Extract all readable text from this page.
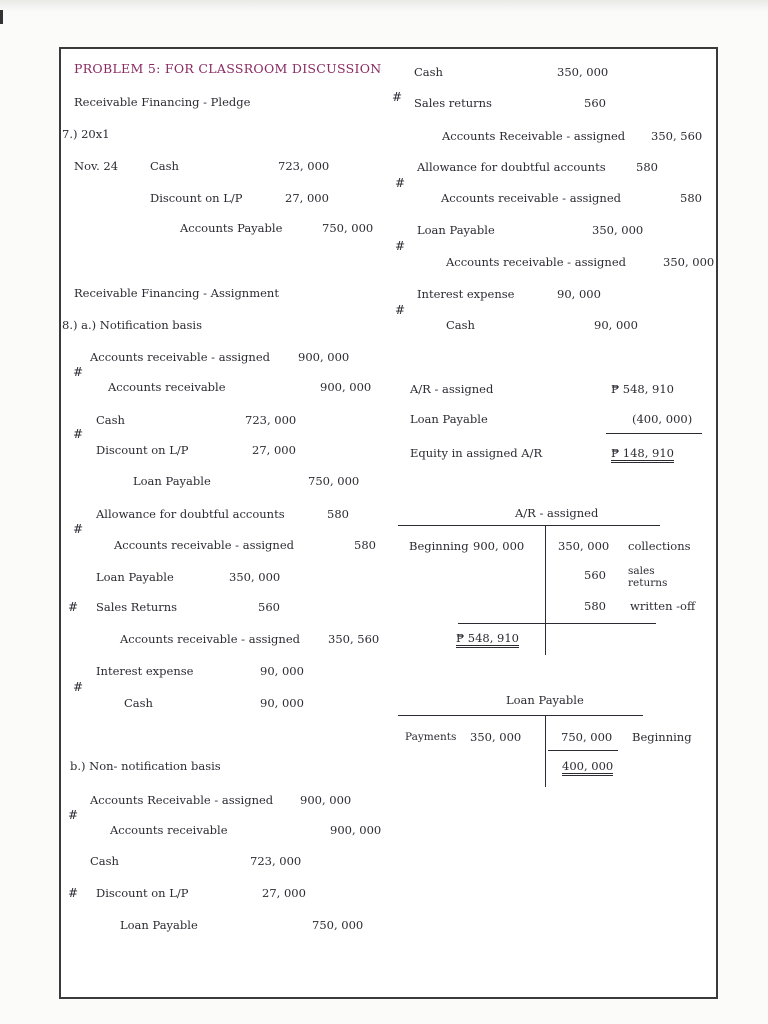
PROBLEM 5: FOR CLASSROOM DISCUSSION
Receivable Financing - Pledge
7.) 20x1
Nov. 24	Cash	723, 000
Discount on L/P	27, 000
Accounts Payable	750, 000
Receivable Financing - Assignment
8.) a.) Notification basis
Accounts receivable - assigned 900, 000
#
Accounts receivable	900, 000
Cash	723, 000
#
Discount on L/P	27, 000
Loan Payable	750, 000
Allowance for doubtful accounts	580
#
Accounts receivable - assigned	580
Loan Payable	350, 000
# Sales Returns	560
Accounts receivable - assigned 350, 560
Interest expense	90, 000
#
Cash	90, 000
b.) Non- notification basis
Accounts Receivable - assigned 900, 000
#
Accounts receivable	900, 000
Cash	723, 000
# Discount on L/P	27, 000
Loan Payable	750, 000
Cash	350, 000
# Sales returns	560
Accounts Receivable - assigned 350, 560
Allowance for doubtful accounts	580
#
Accounts receivable - assigned	580
Loan Payable	350, 000
#
Accounts receivable - assigned	350, 000
Interest expense	90, 000
#
Cash	90, 000
A/R - assigned	₱ 548, 910
Loan Payable	(400, 000)
Equity in assigned A/R	₱ 148, 910
A/R - assigned
Beginning 900, 000	350, 000 collections
560 sales returns
580 written -off
₱ 548, 910
Loan Payable
Payments 350, 000	750, 000 Beginning
400, 000
